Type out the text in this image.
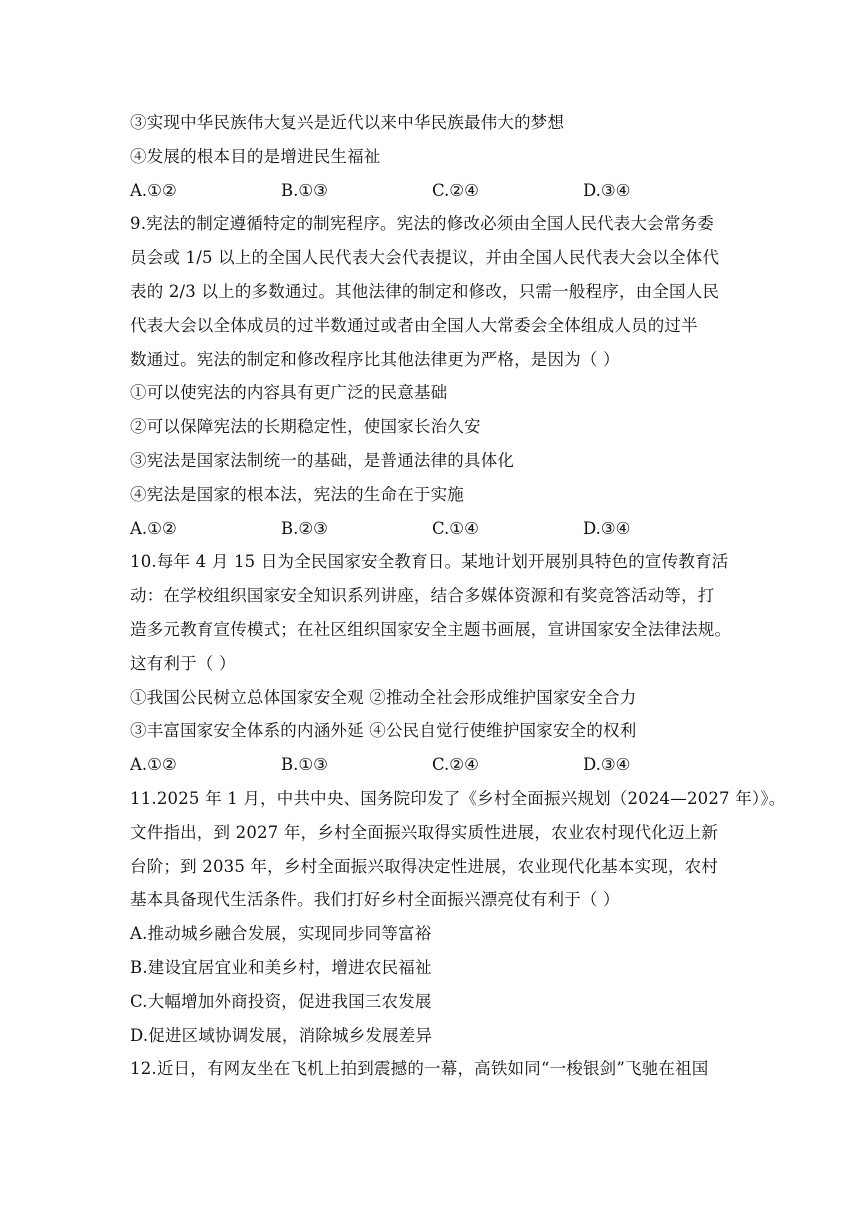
③实现中华民族伟大复兴是近代以来中华民族最伟大的梦想
④发展的根本目的是增进民生福祉
A.①②	B.①③	C.②④	D.③④
9.宪法的制定遵循特定的制宪程序。宪法的修改必须由全国人民代表大会常务委
员会或 1/5 以上的全国人民代表大会代表提议，并由全国人民代表大会以全体代
表的 2/3 以上的多数通过。其他法律的制定和修改，只需一般程序，由全国人民
代表大会以全体成员的过半数通过或者由全国人大常委会全体组成人员的过半
数通过。宪法的制定和修改程序比其他法律更为严格，是因为（ ）
①可以使宪法的内容具有更广泛的民意基础
②可以保障宪法的长期稳定性，使国家长治久安
③宪法是国家法制统一的基础，是普通法律的具体化
④宪法是国家的根本法，宪法的生命在于实施
A.①②	B.②③	C.①④	D.③④
10.每年 4 月 15 日为全民国家安全教育日。某地计划开展别具特色的宣传教育活
动：在学校组织国家安全知识系列讲座，结合多媒体资源和有奖竞答活动等，打
造多元教育宣传模式；在社区组织国家安全主题书画展，宣讲国家安全法律法规。
这有利于（ ）
①我国公民树立总体国家安全观 ②推动全社会形成维护国家安全合力
③丰富国家安全体系的内涵外延 ④公民自觉行使维护国家安全的权利
A.①②	B.①③	C.②④	D.③④
11.2025 年 1 月，中共中央、国务院印发了《乡村全面振兴规划（2024—2027 年）》。
文件指出，到 2027 年，乡村全面振兴取得实质性进展，农业农村现代化迈上新
台阶；到 2035 年，乡村全面振兴取得决定性进展，农业现代化基本实现，农村
基本具备现代生活条件。我们打好乡村全面振兴漂亮仗有利于（ ）
A.推动城乡融合发展，实现同步同等富裕
B.建设宜居宜业和美乡村，增进农民福祉
C.大幅增加外商投资，促进我国三农发展
D.促进区域协调发展，消除城乡发展差异
12.近日，有网友坐在飞机上拍到震撼的一幕，高铁如同“一梭银剑”飞驰在祖国
